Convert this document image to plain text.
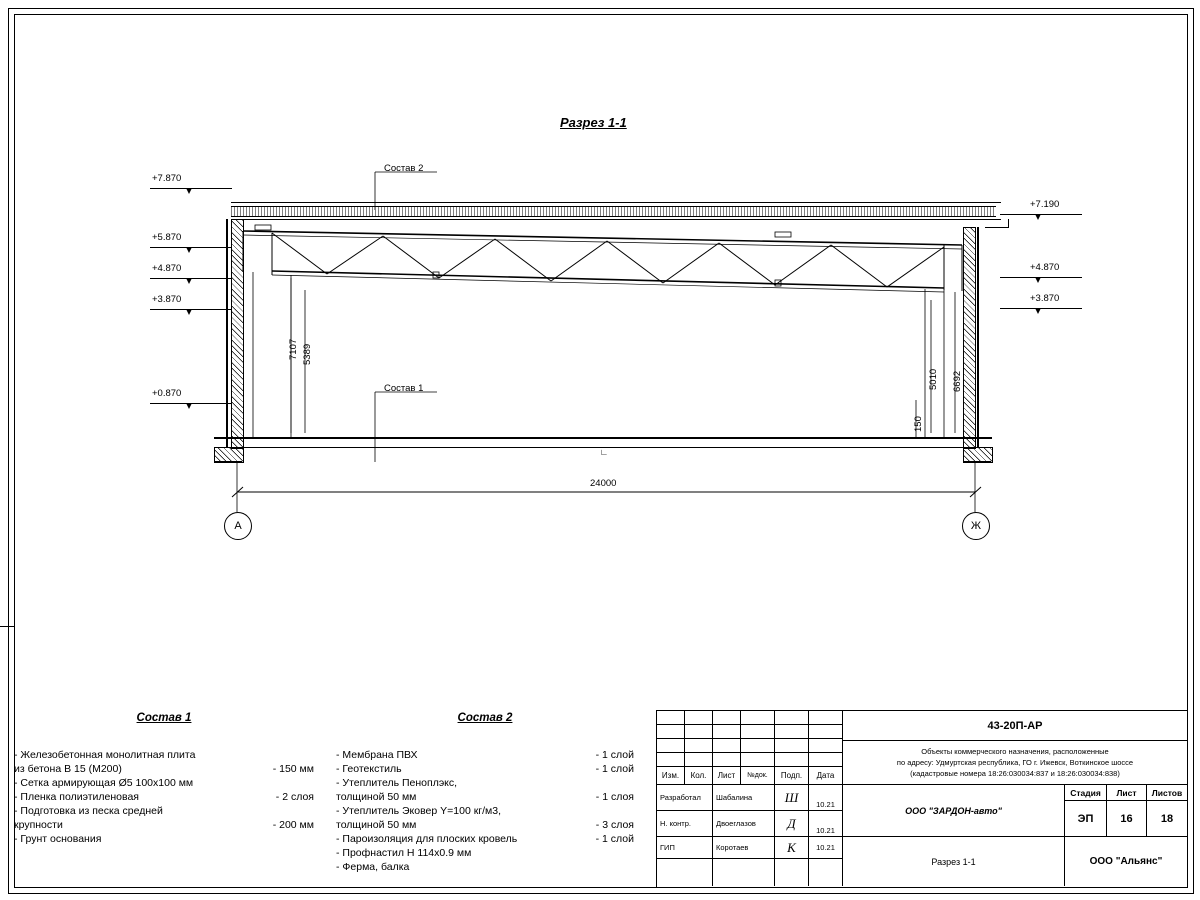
Разрез 1-1
+7.870
+5.870
+4.870
+3.870
+0.870
+7.190
+4.870
+3.870
∟
Состав 2
Состав 1
7107 5389
5010 6692
150
24000
А	Ж
Состав 1
- Железобетонная монолитная плита
из бетона В 15 (М200)	- 150 мм
- Сетка армирующая Ø5 100х100 мм
- Пленка полиэтиленовая	- 2 слоя
- Подготовка из песка средней
крупности	- 200 мм
- Грунт основания
Состав 2
- Мембрана ПВХ	- 1 слой
- Геотекстиль	- 1 слой
- Утеплитель Пеноплэкс,
толщиной 50 мм	- 1 слоя
- Утеплитель Эковер Y=100 кг/м3,
толщиной 50 мм	- 3 слоя
- Пароизоляция для плоских кровель	- 1 слой
- Профнастил Н 114х0.9 мм
- Ферма, балка
Изм.	Кол.	Лист	№док.	Подп.	Дата
Разработал	Шабалина	Ш	10.21
Н. контр.	Двоеглазов	Д	10.21
ГИП	Коротаев	К	10.21
43-20П-АР
Объекты коммерческого назначения, расположенные
по адресу: Удмуртская республика, ГО г. Ижевск, Воткинское шоссе
(кадастровые номера 18:26:030034:837 и 18:26:030034:838)
ООО "ЗАРДОН-авто"
Стадия	Лист	Листов
ЭП	16	18
Разрез 1-1	ООО "Альянс"
